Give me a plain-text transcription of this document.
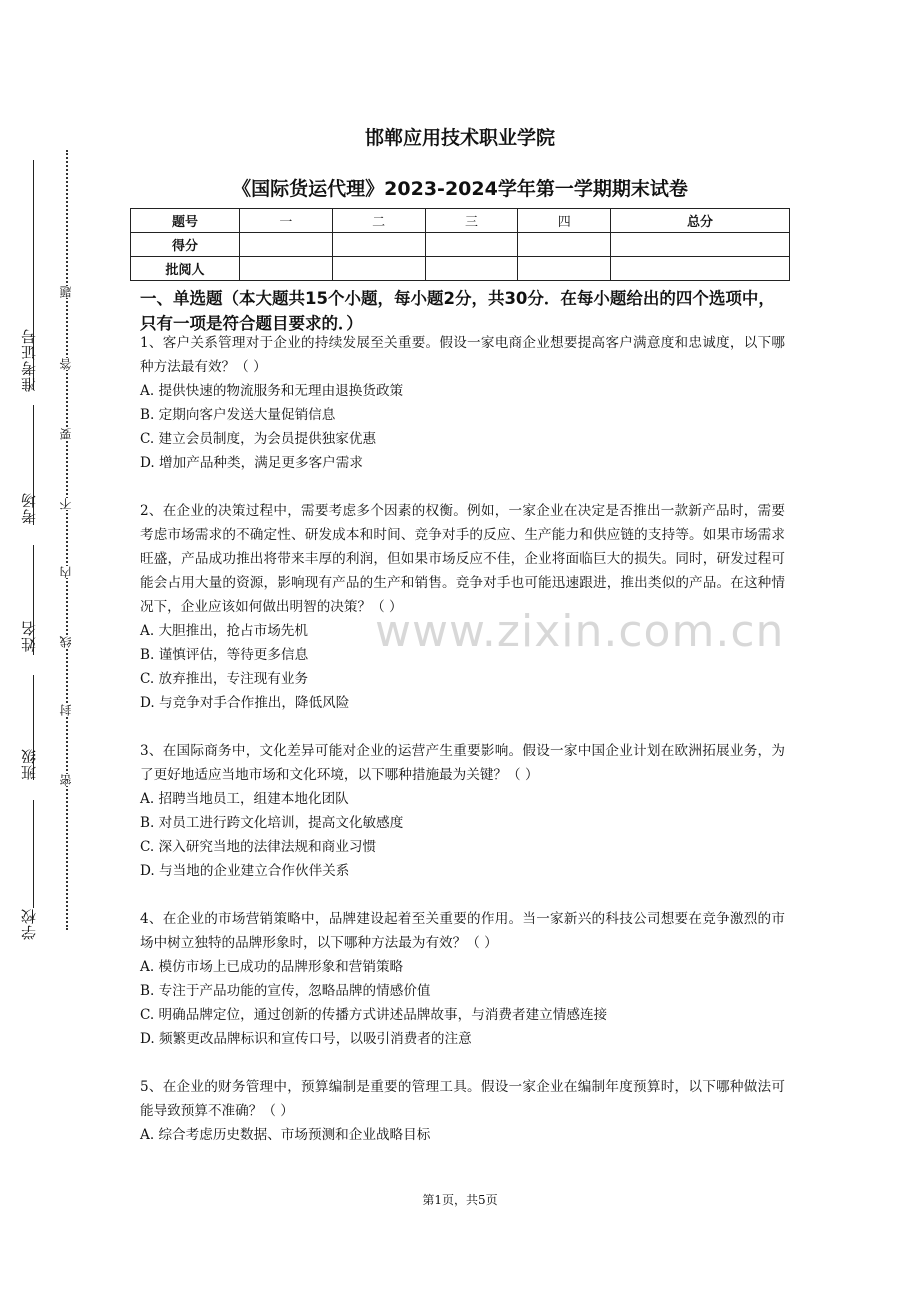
准考证号
考场
姓名
班级
学校
题
答
要
不
内
线
封
密
邯郸应用技术职业学院
《国际货运代理》2023-2024学年第一学期期末试卷
题号	一	二	三	四	总分
得分					
批阅人					
一、单选题（本大题共15个小题，每小题2分，共30分．在每小题给出的四个选项中，只有一项是符合题目要求的．）
www.zixin.com.cn

1、客户关系管理对于企业的持续发展至关重要。假设一家电商企业想要提高客户满意度和忠诚度，以下哪种方法最有效？（ ）

A. 提供快速的物流服务和无理由退换货政策

B. 定期向客户发送大量促销信息

C. 建立会员制度，为会员提供独家优惠

D. 增加产品种类，满足更多客户需求

2、在企业的决策过程中，需要考虑多个因素的权衡。例如，一家企业在决定是否推出一款新产品时，需要考虑市场需求的不确定性、研发成本和时间、竞争对手的反应、生产能力和供应链的支持等。如果市场需求旺盛，产品成功推出将带来丰厚的利润，但如果市场反应不佳，企业将面临巨大的损失。同时，研发过程可能会占用大量的资源，影响现有产品的生产和销售。竞争对手也可能迅速跟进，推出类似的产品。在这种情况下，企业应该如何做出明智的决策？（ ）

A. 大胆推出，抢占市场先机

B. 谨慎评估，等待更多信息

C. 放弃推出，专注现有业务

D. 与竞争对手合作推出，降低风险

3、在国际商务中，文化差异可能对企业的运营产生重要影响。假设一家中国企业计划在欧洲拓展业务，为了更好地适应当地市场和文化环境，以下哪种措施最为关键？（ ）

A. 招聘当地员工，组建本地化团队

B. 对员工进行跨文化培训，提高文化敏感度

C. 深入研究当地的法律法规和商业习惯

D. 与当地的企业建立合作伙伴关系

4、在企业的市场营销策略中，品牌建设起着至关重要的作用。当一家新兴的科技公司想要在竞争激烈的市场中树立独特的品牌形象时，以下哪种方法最为有效？（ ）

A. 模仿市场上已成功的品牌形象和营销策略

B. 专注于产品功能的宣传，忽略品牌的情感价值

C. 明确品牌定位，通过创新的传播方式讲述品牌故事，与消费者建立情感连接

D. 频繁更改品牌标识和宣传口号，以吸引消费者的注意

5、在企业的财务管理中，预算编制是重要的管理工具。假设一家企业在编制年度预算时，以下哪种做法可能导致预算不准确？（ ）

A. 综合考虑历史数据、市场预测和企业战略目标

第1页，共5页
